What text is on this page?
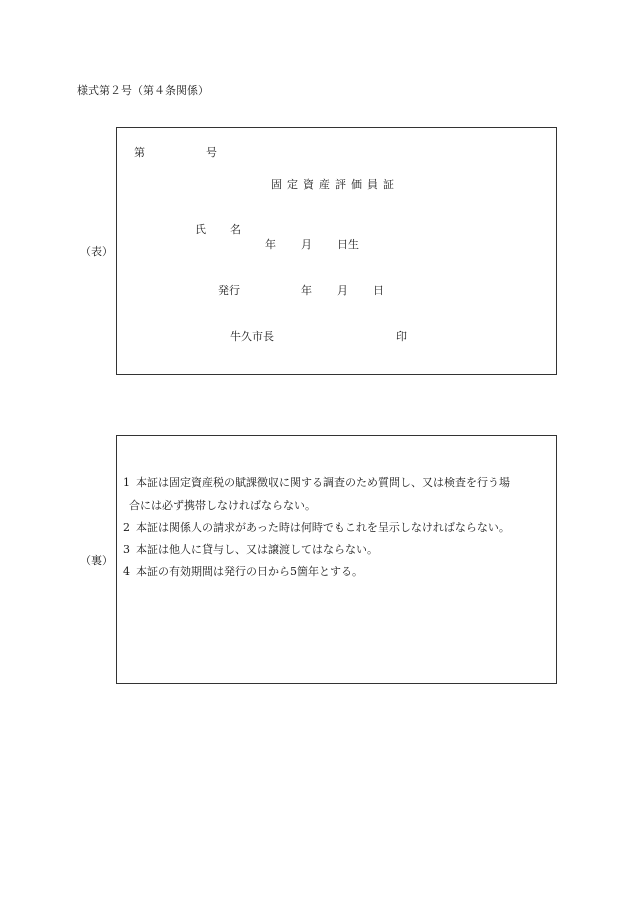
様式第２号（第４条関係）
（表）
第	号
固定資産評価員証
氏 名
年 月 日生
発行	年 月 日
牛久市長	印
（裏）
1 本証は固定資産税の賦課徴収に関する調査のため質問し、又は検査を行う場
合には必ず携帯しなければならない。
2 本証は関係人の請求があった時は何時でもこれを呈示しなければならない。
3 本証は他人に貸与し、又は譲渡してはならない。
4 本証の有効期間は発行の日から5箇年とする。
